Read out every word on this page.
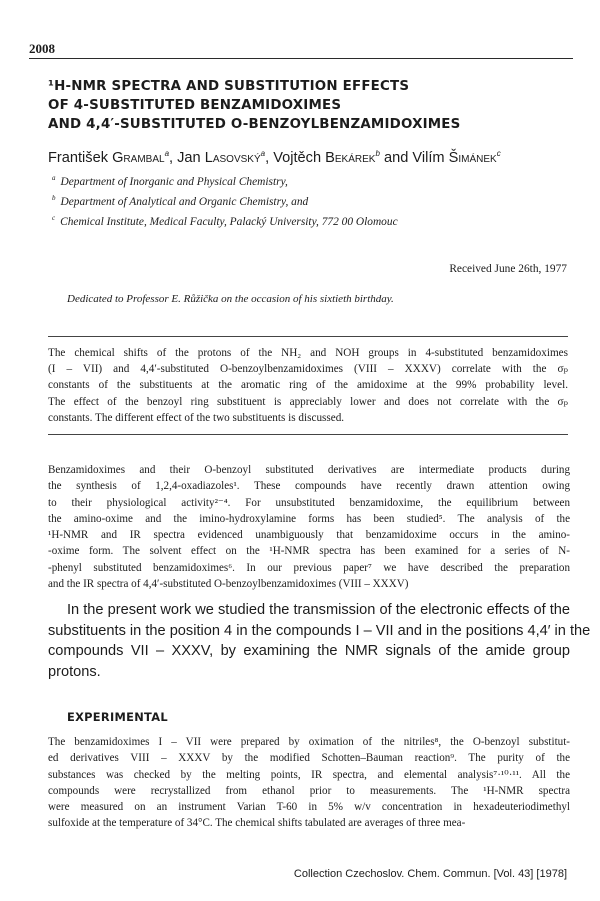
2008
¹H-NMR SPECTRA AND SUBSTITUTION EFFECTS
OF 4-SUBSTITUTED BENZAMIDOXIMES
AND 4,4′-SUBSTITUTED O-BENZOYLBENZAMIDOXIMES
František Grambal$^a$, Jan Lasovský$^a$, Vojtěch Bekárek$^b$ and Vilím Šimánek$^c$
$^a$ Department of Inorganic and Physical Chemistry,
$^b$ Department of Analytical and Organic Chemistry, and
$^c$ Chemical Institute, Medical Faculty, Palacký University, 772 00 Olomouc
Received June 26th, 1977
Dedicated to Professor E. Růžička on the occasion of his sixtieth birthday.
The chemical shifts of the protons of the NH₂ and NOH groups in 4-substituted benzamidoximes
(I – VII) and 4,4′-substituted O-benzoylbenzamidoximes (VIII – XXXV) correlate with the σₚ
constants of the substituents at the aromatic ring of the amidoxime at the 99% probability level.
The effect of the benzoyl ring substituent is appreciably lower and does not correlate with the σₚ
constants. The different effect of the two substituents is discussed.
Benzamidoximes and their O-benzoyl substituted derivatives are intermediate products during
the synthesis of 1,2,4-oxadiazoles¹. These compounds have recently drawn attention owing
to their physiological activity²⁻⁴. For unsubstituted benzamidoxime, the equilibrium between
the amino-oxime and the imino-hydroxylamine forms has been studied⁵. The analysis of the
¹H-NMR and IR spectra evidenced unambiguously that benzamidoxime occurs in the amino-
-oxime form. The solvent effect on the ¹H-NMR spectra has been examined for a series of N-
-phenyl substituted benzamidoximes⁶. In our previous paper⁷ we have described the preparation
and the IR spectra of 4,4′-substituted O-benzoylbenzamidoximes (VIII – XXXV)
In the present work we studied the transmission of the electronic effects of the
substituents in the position 4 in the compounds I – VII and in the positions 4,4′ in the
compounds VII – XXXV, by examining the NMR signals of the amide group
protons.
EXPERIMENTAL
The benzamidoximes I – VII were prepared by oximation of the nitriles⁸, the O-benzoyl substitut-
ed derivatives VIII – XXXV by the modified Schotten–Bauman reaction⁹. The purity of the
substances was checked by the melting points, IR spectra, and elemental analysis⁷·¹⁰·¹¹. All the
compounds were recrystallized from ethanol prior to measurements. The ¹H-NMR spectra
were measured on an instrument Varian T-60 in 5% w/v concentration in hexadeuteriodimethyl
sulfoxide at the temperature of 34°C. The chemical shifts tabulated are averages of three mea-
Collection Czechoslov. Chem. Commun. [Vol. 43] [1978]
